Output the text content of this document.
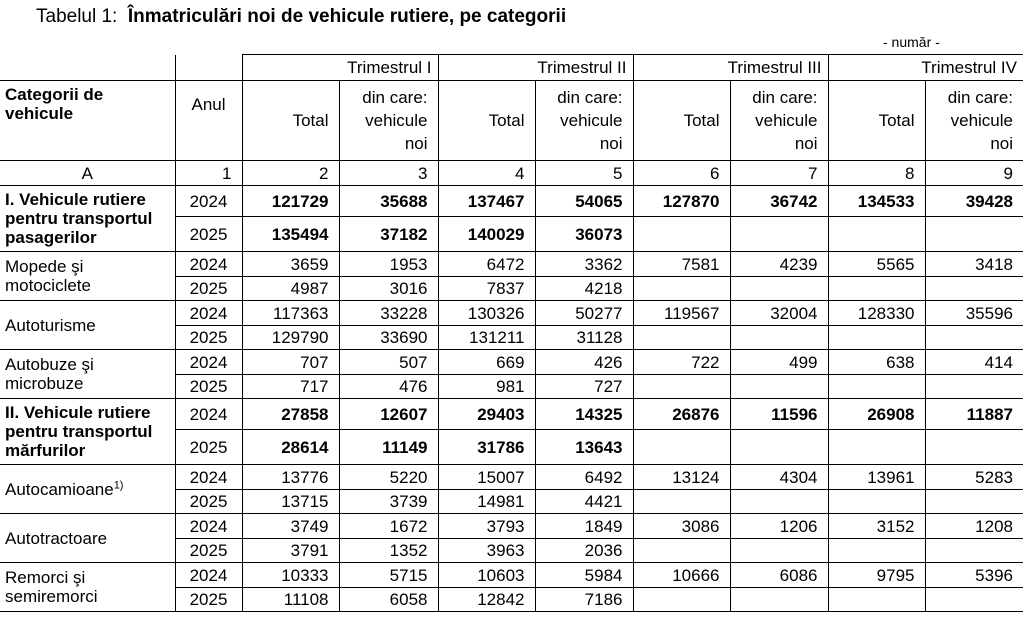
Tabelul 1: Înmatriculări noi de vehicule rutiere, pe categorii
- număr -
		Trimestrul I		Trimestrul II		Trimestrul III		Trimestrul IV	
Categorii de vehicule	Anul	Total	din care: vehicule noi	Total	din care: vehicule noi	Total	din care: vehicule noi	Total	din care: vehicule noi
A	1	2	3	4	5	6	7	8	9
I. Vehicule rutiere pentru transportul pasagerilor	2024	121729	35688	137467	54065	127870	36742	134533	39428
	2025	135494	37182	140029	36073				
Mopede şi motociclete	2024	3659	1953	6472	3362	7581	4239	5565	3418
	2025	4987	3016	7837	4218				
Autoturisme	2024	117363	33228	130326	50277	119567	32004	128330	35596
	2025	129790	33690	131211	31128				
Autobuze şi microbuze	2024	707	507	669	426	722	499	638	414
	2025	717	476	981	727				
II. Vehicule rutiere pentru transportul mărfurilor	2024	27858	12607	29403	14325	26876	11596	26908	11887
	2025	28614	11149	31786	13643				
Autocamioane$^{1)}$	2024	13776	5220	15007	6492	13124	4304	13961	5283
	2025	13715	3739	14981	4421				
Autotractoare	2024	3749	1672	3793	1849	3086	1206	3152	1208
	2025	3791	1352	3963	2036				
Remorci şi semiremorci	2024	10333	5715	10603	5984	10666	6086	9795	5396
	2025	11108	6058	12842	7186				
